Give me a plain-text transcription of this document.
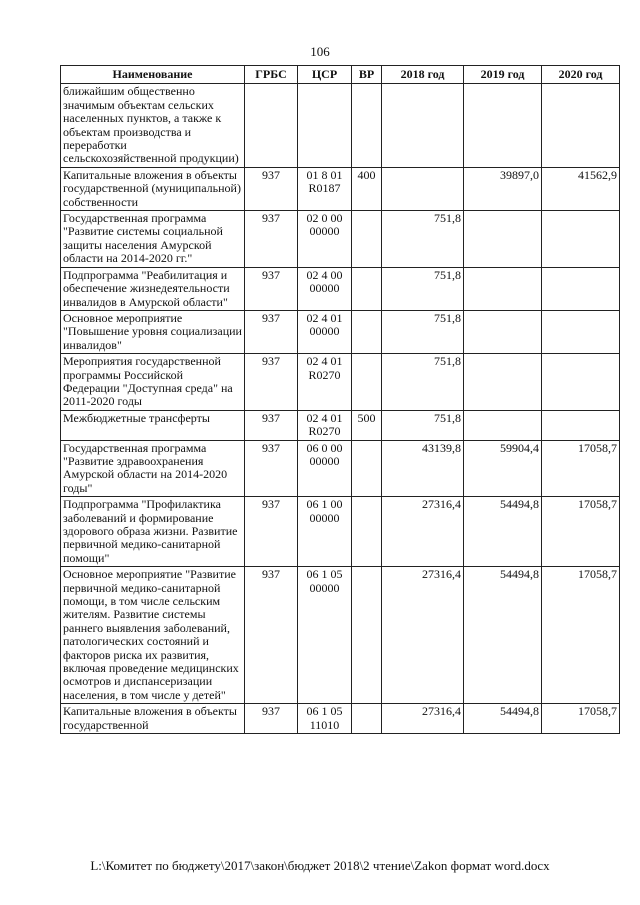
106
Наименование	ГРБС	ЦСР	ВР	2018 год	2019 год	2020 год
ближайшим общественно значимым объектам сельских населенных пунктов, а также к объектам производства и переработки сельскохозяйственной продукции)						
Капитальные вложения в объекты государственной (муниципальной) собственности	937	01 8 01 R0187	400		39897,0	41562,9
Государственная программа "Развитие системы социальной защиты населения Амурской области на 2014-2020 гг."	937	02 0 00 00000		751,8		
Подпрограмма "Реабилитация и обеспечение жизнедеятельности инвалидов в Амурской области"	937	02 4 00 00000		751,8		
Основное мероприятие "Повышение уровня социализации инвалидов"	937	02 4 01 00000		751,8		
Мероприятия государственной программы Российской Федерации "Доступная среда" на 2011-2020 годы	937	02 4 01 R0270		751,8		
Межбюджетные трансферты	937	02 4 01 R0270	500	751,8		
Государственная программа "Развитие здравоохранения Амурской области на 2014-2020 годы"	937	06 0 00 00000		43139,8	59904,4	17058,7
Подпрограмма "Профилактика заболеваний и формирование здорового образа жизни. Развитие первичной медико-санитарной помощи"	937	06 1 00 00000		27316,4	54494,8	17058,7
Основное мероприятие "Развитие первичной медико-санитарной помощи, в том числе сельским жителям. Развитие системы раннего выявления заболеваний, патологических состояний и факторов риска их развития, включая проведение медицинских осмотров и диспансеризации населения, в том числе у детей"	937	06 1 05 00000		27316,4	54494,8	17058,7
Капитальные вложения в объекты государственной	937	06 1 05 11010		27316,4	54494,8	17058,7
L:\Комитет по бюджету\2017\закон\бюджет 2018\2 чтение\Zakon формат word.docx
